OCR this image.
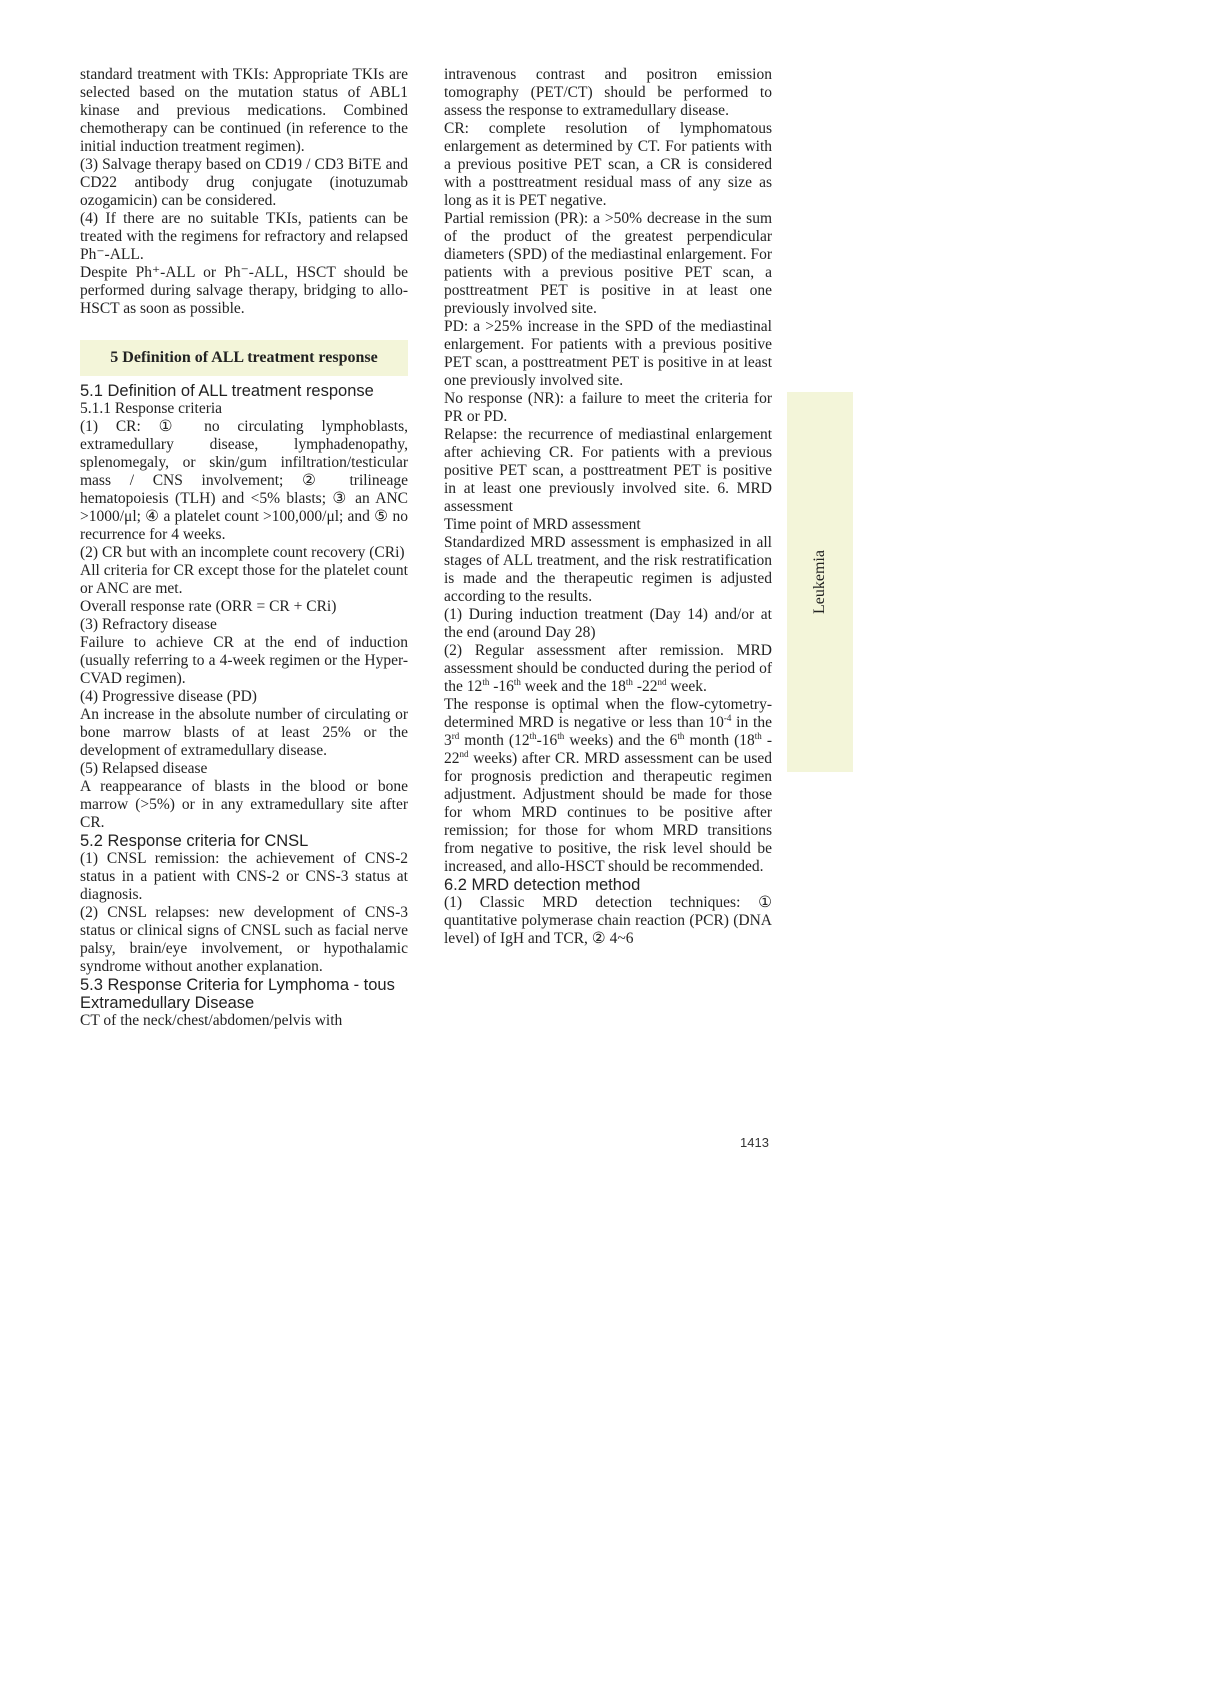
standard treatment with TKIs: Appropriate TKIs are selected based on the mutation status of ABL1 kinase and previous medications. Combined chemotherapy can be continued (in reference to the initial induction treatment regimen).

(3) Salvage therapy based on CD19 / CD3 BiTE and CD22 antibody drug conjugate (inotuzumab ozogamicin) can be considered.

(4) If there are no suitable TKIs, patients can be treated with the regimens for refractory and relapsed Ph⁻-ALL.

Despite Ph⁺-ALL or Ph⁻-ALL, HSCT should be performed during salvage therapy, bridging to allo-HSCT as soon as possible.

5 Definition of ALL treatment response

5.1 Definition of ALL treatment response

5.1.1 Response criteria

(1) CR: ① no circulating lymphoblasts, extramedullary disease, lymphadenopathy, splenomegaly, or skin/gum infiltration/testicular mass / CNS involvement; ② trilineage hematopoiesis (TLH) and <5% blasts; ③ an ANC >1000/μl; ④ a platelet count >100,000/μl; and ⑤ no recurrence for 4 weeks.

(2) CR but with an incomplete count recovery (CRi)

All criteria for CR except those for the platelet count or ANC are met.

Overall response rate (ORR = CR + CRi)

(3) Refractory disease

Failure to achieve CR at the end of induction (usually referring to a 4-week regimen or the Hyper-CVAD regimen).

(4) Progressive disease (PD)

An increase in the absolute number of circulating or bone marrow blasts of at least 25% or the development of extramedullary disease.

(5) Relapsed disease

A reappearance of blasts in the blood or bone marrow (>5%) or in any extramedullary site after CR.

5.2 Response criteria for CNSL

(1) CNSL remission: the achievement of CNS-2 status in a patient with CNS-2 or CNS-3 status at diagnosis.

(2) CNSL relapses: new development of CNS-3 status or clinical signs of CNSL such as facial nerve palsy, brain/eye involvement, or hypothalamic syndrome without another explanation.

5.3 Response Criteria for Lymphoma - tous Extramedullary Disease

CT of the neck/chest/abdomen/pelvis with

intravenous contrast and positron emission tomography (PET/CT) should be performed to assess the response to extramedullary disease.

CR: complete resolution of lymphomatous enlargement as determined by CT. For patients with a previous positive PET scan, a CR is considered with a posttreatment residual mass of any size as long as it is PET negative.

Partial remission (PR): a >50% decrease in the sum of the product of the greatest perpendicular diameters (SPD) of the mediastinal enlargement. For patients with a previous positive PET scan, a posttreatment PET is positive in at least one previously involved site.

PD: a >25% increase in the SPD of the mediastinal enlargement. For patients with a previous positive PET scan, a posttreatment PET is positive in at least one previously involved site.

No response (NR): a failure to meet the criteria for PR or PD.

Relapse: the recurrence of mediastinal enlargement after achieving CR. For patients with a previous positive PET scan, a posttreatment PET is positive in at least one previously involved site. 6. MRD assessment

Time point of MRD assessment

Standardized MRD assessment is emphasized in all stages of ALL treatment, and the risk restratification is made and the therapeutic regimen is adjusted according to the results.

(1) During induction treatment (Day 14) and/or at the end (around Day 28)

(2) Regular assessment after remission. MRD assessment should be conducted during the period of the 12th -16th week and the 18th -22nd week.

The response is optimal when the flow-cytometry-determined MRD is negative or less than $10^{-4}$ in the 3rd month (12th-16th weeks) and the 6th month (18th - 22nd weeks) after CR. MRD assessment can be used for prognosis prediction and therapeutic regimen adjustment. Adjustment should be made for those for whom MRD continues to be positive after remission; for those for whom MRD transitions from negative to positive, the risk level should be increased, and allo-HSCT should be recommended.

6.2 MRD detection method

(1) Classic MRD detection techniques: ① quantitative polymerase chain reaction (PCR) (DNA level) of IgH and TCR, ② 4~6

Leukemia
1413
